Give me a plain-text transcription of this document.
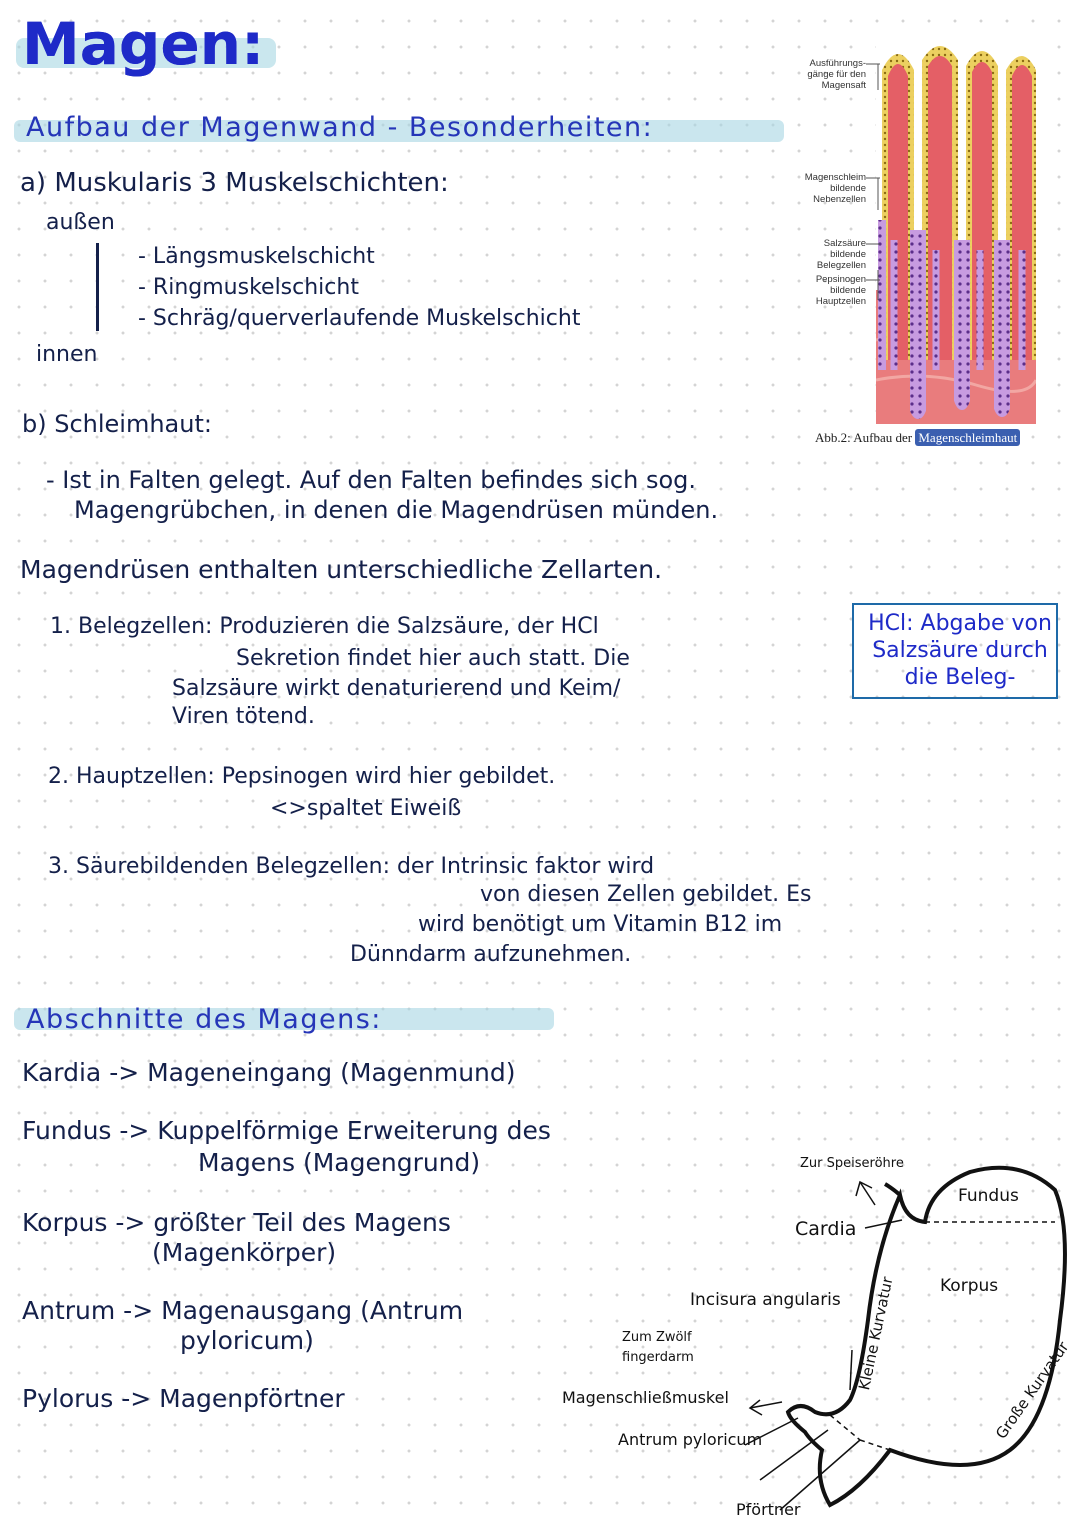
Magen:
Aufbau der Magenwand - Besonderheiten:
a) Muskularis 3 Muskelschichten:
außen
- Längsmuskelschicht
- Ringmuskelschicht
- Schräg/querverlaufende Muskelschicht
innen
Ausführungs-
gänge für den
Magensaft
Magenschleim
bildende
Nebenzellen
Salzsäure
bildende
Belegzellen
Pepsinogen
bildende
Hauptzellen
Abb.2: Aufbau der Magenschleimhaut
b) Schleimhaut:
- Ist in Falten gelegt. Auf den Falten befindes sich sog.
Magengrübchen, in denen die Magendrüsen münden.
Magendrüsen enthalten unterschiedliche Zellarten.
1. Belegzellen: Produzieren die Salzsäure, der HCl
Sekretion findet hier auch statt. Die
Salzsäure wirkt denaturierend und Keim/
Viren tötend.
HCl: Abgabe von Salzsäure durch die Beleg-
2. Hauptzellen: Pepsinogen wird hier gebildet.
<>spaltet Eiweiß
3. Säurebildenden Belegzellen: der Intrinsic faktor wird
von diesen Zellen gebildet. Es
wird benötigt um Vitamin B12 im
Dünndarm aufzunehmen.
Abschnitte des Magens:
Kardia -> Mageneingang (Magenmund)
Fundus -> Kuppelförmige Erweiterung des
Magens (Magengrund)
Korpus -> größter Teil des Magens
(Magenkörper)
Antrum -> Magenausgang (Antrum
pyloricum)
Pylorus -> Magenpförtner
Zur Speiseröhre
Cardia
Fundus
Korpus
Incisura angularis Kleine Kurvatur	Große Kurvatur
Zum Zwölf
fingerdarm
Magenschließmuskel
Antrum pyloricum
Pförtner
